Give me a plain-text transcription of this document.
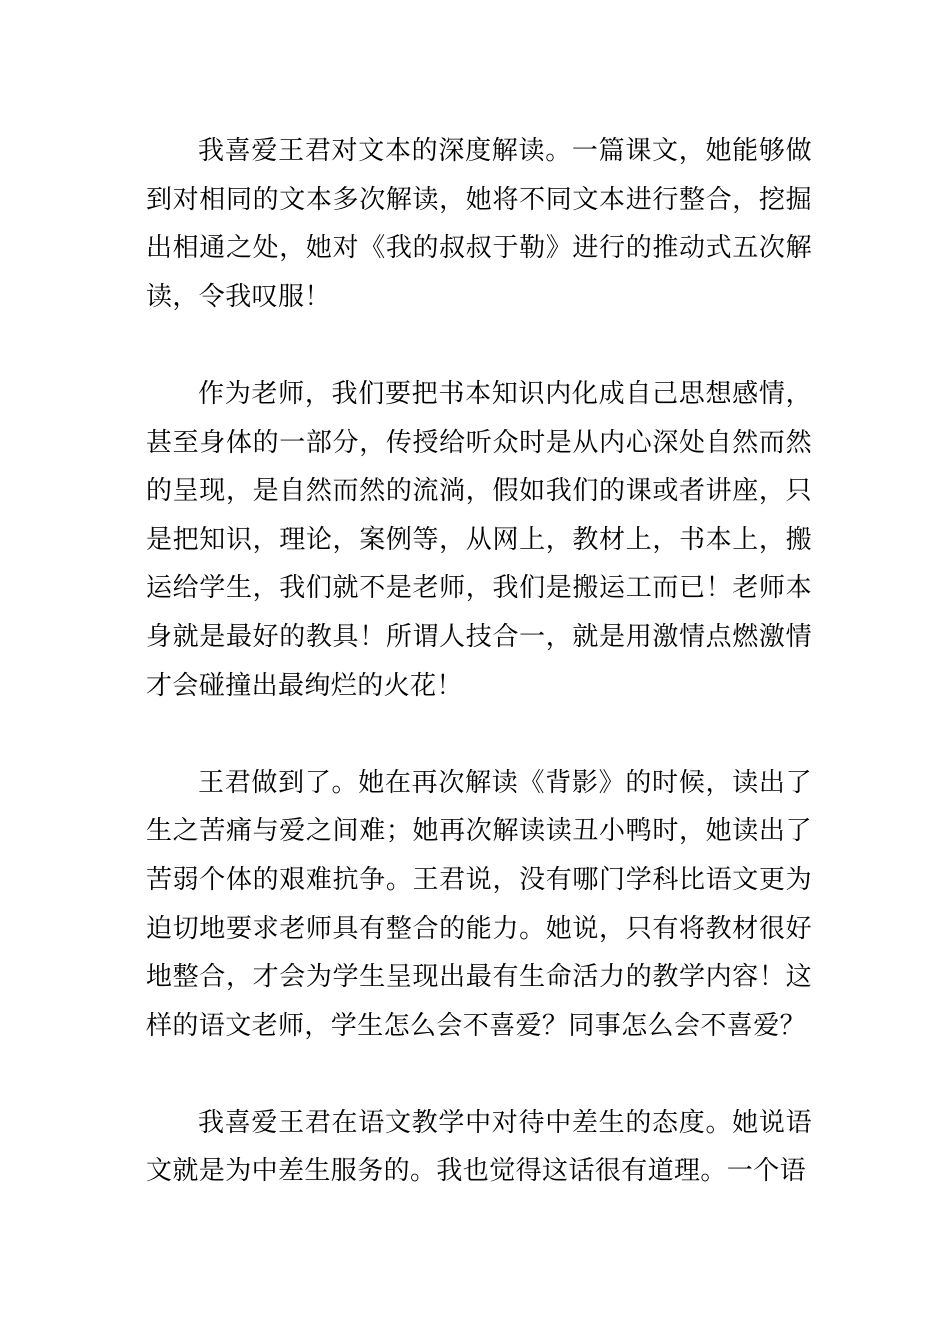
我喜爱王君对文本的深度解读。一篇课文，她能够做到对相同的文本多次解读，她将不同文本进行整合，挖掘出相通之处，她对《我的叔叔于勒》进行的推动式五次解读，令我叹服！

作为老师，我们要把书本知识内化成自己思想感情，甚至身体的一部分，传授给听众时是从内心深处自然而然的呈现，是自然而然的流淌，假如我们的课或者讲座，只是把知识，理论，案例等，从网上，教材上，书本上，搬运给学生，我们就不是老师，我们是搬运工而已！老师本身就是最好的教具！所谓人技合一，就是用激情点燃激情才会碰撞出最绚烂的火花！

王君做到了。她在再次解读《背影》的时候，读出了生之苦痛与爱之间难；她再次解读读丑小鸭时，她读出了苦弱个体的艰难抗争。王君说，没有哪门学科比语文更为迫切地要求老师具有整合的能力。她说，只有将教材很好地整合，才会为学生呈现出最有生命活力的教学内容！这样的语文老师，学生怎么会不喜爱？同事怎么会不喜爱？

我喜爱王君在语文教学中对待中差生的态度。她说语文就是为中差生服务的。我也觉得这话很有道理。一个语
